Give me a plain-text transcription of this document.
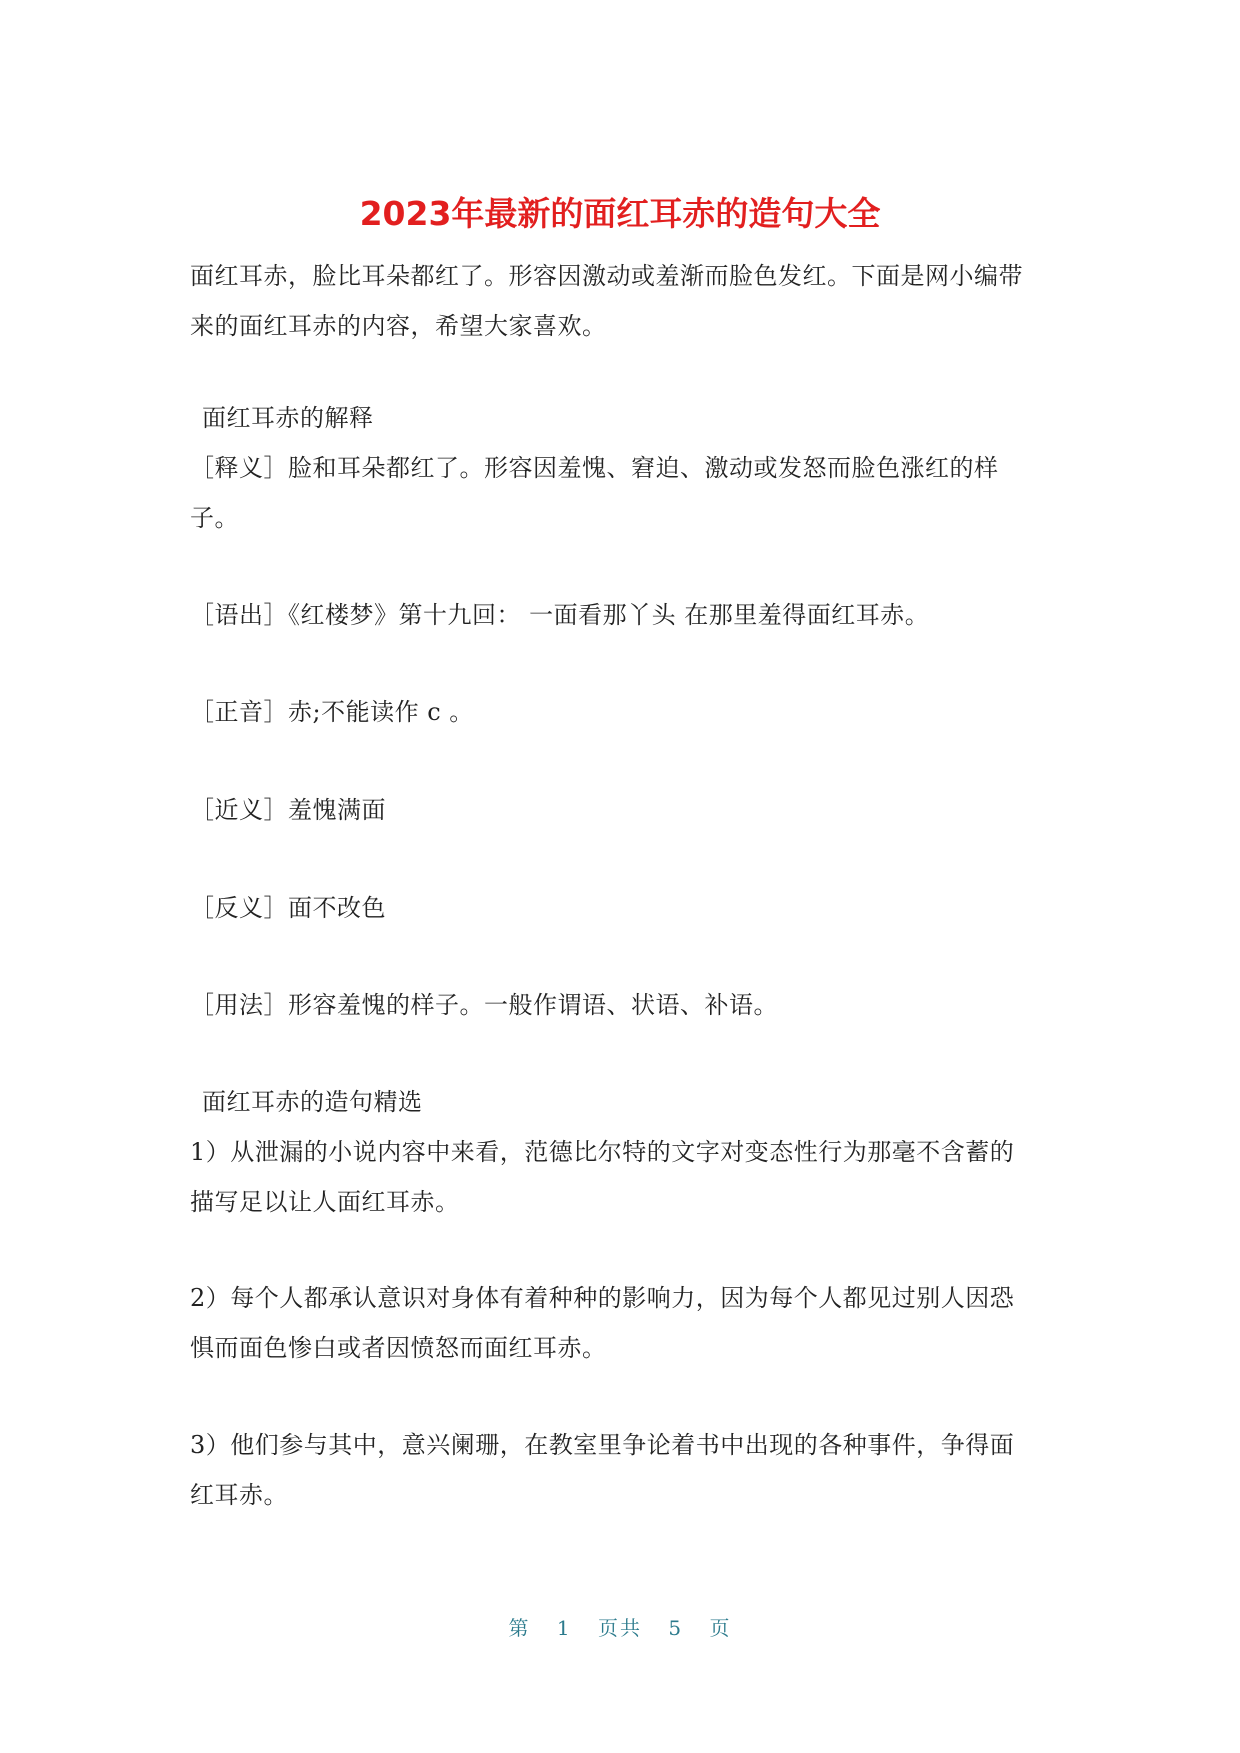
2023年最新的面红耳赤的造句大全

面红耳赤，脸比耳朵都红了。形容因激动或羞渐而脸色发红。下面是网小编带

来的面红耳赤的内容，希望大家喜欢。

面红耳赤的解释

［释义］脸和耳朵都红了。形容因羞愧、窘迫、激动或发怒而脸色涨红的样

子。

［语出］《红楼梦》第十九回： 一面看那丫头 在那里羞得面红耳赤。
［正音］赤;不能读作 c 。
［近义］羞愧满面
［反义］面不改色
［用法］形容羞愧的样子。一般作谓语、状语、补语。
面红耳赤的造句精选

1）从泄漏的小说内容中来看，范德比尔特的文字对变态性行为那毫不含蓄的

描写足以让人面红耳赤。

2）每个人都承认意识对身体有着种种的影响力，因为每个人都见过别人因恐

惧而面色惨白或者因愤怒而面红耳赤。

3）他们参与其中，意兴阑珊，在教室里争论着书中出现的各种事件，争得面

红耳赤。

第 1 页共 5 页
